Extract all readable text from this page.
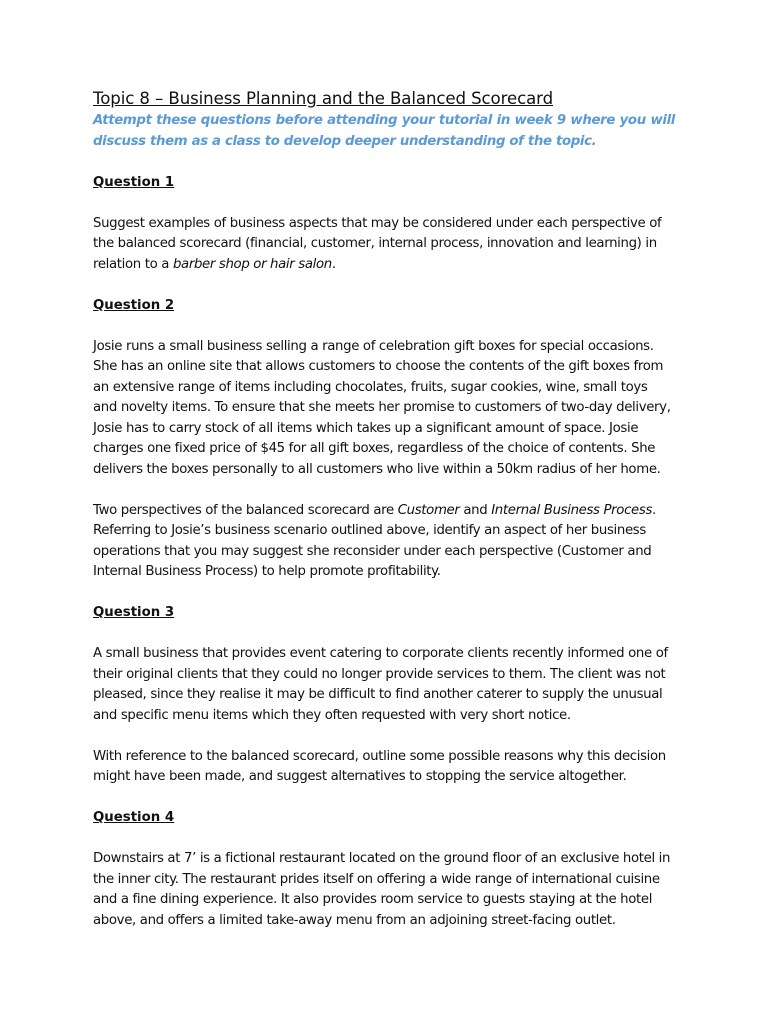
Topic 8 – Business Planning and the Balanced Scorecard

Attempt these questions before attending your tutorial in week 9 where you will discuss them as a class to develop deeper understanding of the topic.

Question 1

Suggest examples of business aspects that may be considered under each perspective of the balanced scorecard (financial, customer, internal process, innovation and learning) in relation to a barber shop or hair salon.

Question 2

Josie runs a small business selling a range of celebration gift boxes for special occasions. She has an online site that allows customers to choose the contents of the gift boxes from an extensive range of items including chocolates, fruits, sugar cookies, wine, small toys and novelty items. To ensure that she meets her promise to customers of two-day delivery, Josie has to carry stock of all items which takes up a significant amount of space. Josie charges one fixed price of $45 for all gift boxes, regardless of the choice of contents. She delivers the boxes personally to all customers who live within a 50km radius of her home.

Two perspectives of the balanced scorecard are Customer and Internal Business Process. Referring to Josie’s business scenario outlined above, identify an aspect of her business operations that you may suggest she reconsider under each perspective (Customer and Internal Business Process) to help promote profitability.

Question 3

A small business that provides event catering to corporate clients recently informed one of their original clients that they could no longer provide services to them. The client was not pleased, since they realise it may be difficult to find another caterer to supply the unusual and specific menu items which they often requested with very short notice.

With reference to the balanced scorecard, outline some possible reasons why this decision might have been made, and suggest alternatives to stopping the service altogether.

Question 4

Downstairs at 7’ is a fictional restaurant located on the ground floor of an exclusive hotel in the inner city. The restaurant prides itself on offering a wide range of international cuisine and a fine dining experience. It also provides room service to guests staying at the hotel above, and offers a limited take-away menu from an adjoining street-facing outlet.
